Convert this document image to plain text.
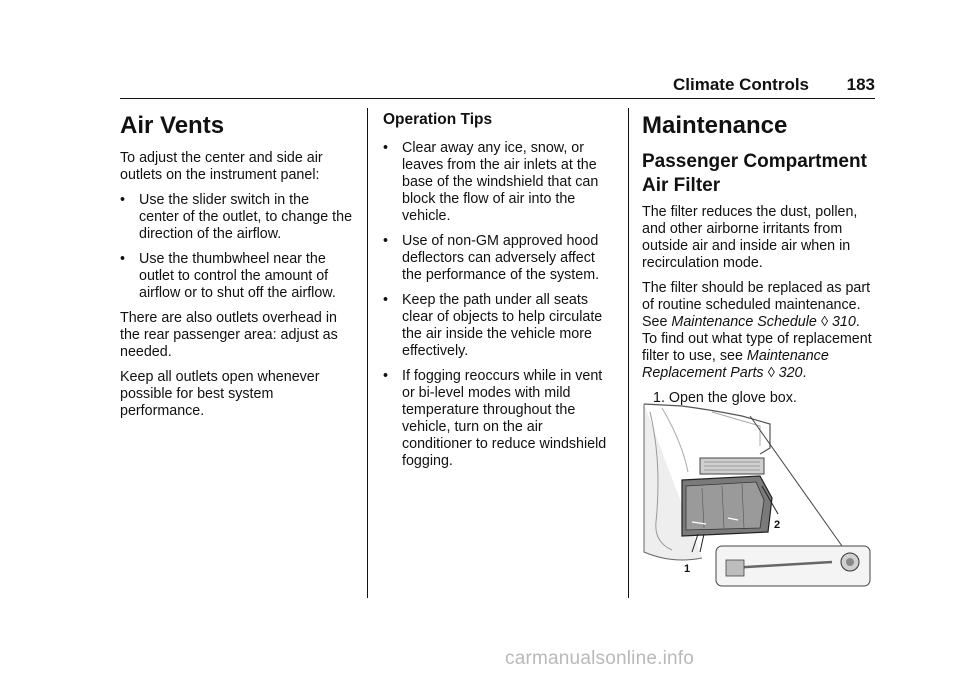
Climate Controls 183
Air Vents

To adjust the center and side air outlets on the instrument panel:

• Use the slider switch in the center of the outlet, to change the direction of the airflow.
• Use the thumbwheel near the outlet to control the amount of airflow or to shut off the airflow.

There are also outlets overhead in the rear passenger area: adjust as needed.

Keep all outlets open whenever possible for best system performance.

Operation Tips
• Clear away any ice, snow, or leaves from the air inlets at the base of the windshield that can block the flow of air into the vehicle.
• Use of non-GM approved hood deflectors can adversely affect the performance of the system.
• Keep the path under all seats clear of objects to help circulate the air inside the vehicle more effectively.
• If fogging reoccurs while in vent or bi-level modes with mild temperature throughout the vehicle, turn on the air conditioner to reduce windshield fogging.
Maintenance
Passenger Compartment Air Filter

The filter reduces the dust, pollen, and other airborne irritants from outside air and inside air when in recirculation mode.

The filter should be replaced as part of routine scheduled maintenance. See Maintenance Schedule ◊ 310. To find out what type of replacement filter to use, see Maintenance Replacement Parts ◊ 320.

1. Open the glove box.
1
2
carmanualsonline.info
